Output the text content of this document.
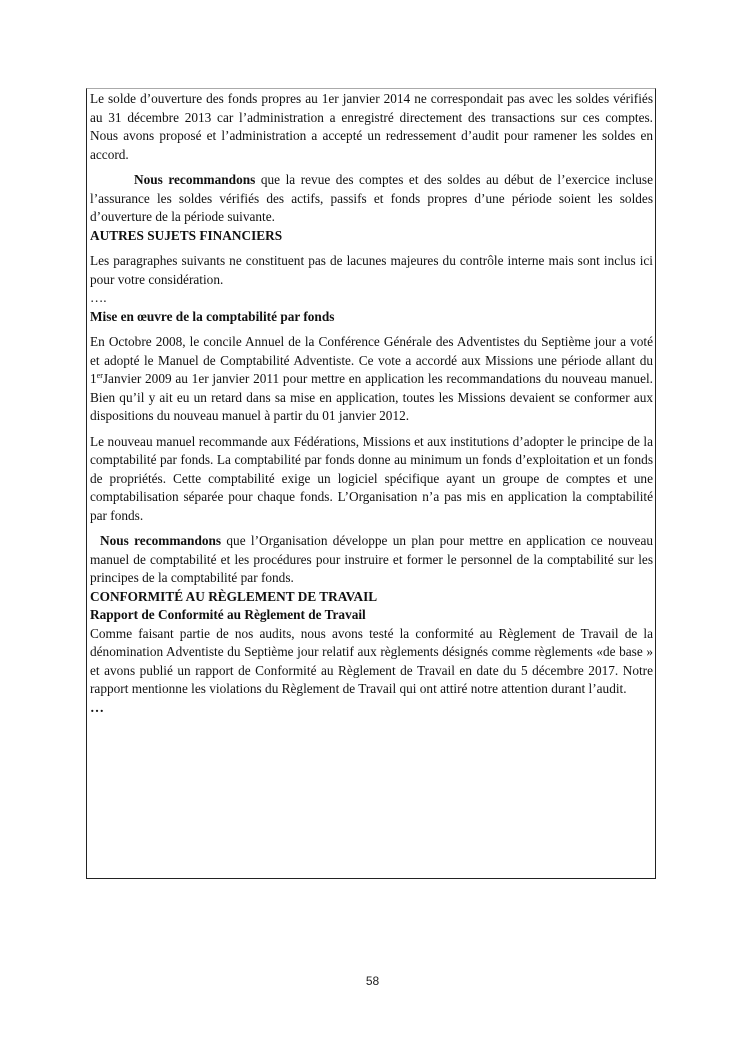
Le solde d’ouverture des fonds propres au 1er janvier 2014 ne correspondait pas avec les soldes vérifiés au 31 décembre 2013 car l’administration a enregistré directement des transactions sur ces comptes. Nous avons proposé et l’administration a accepté un redressement d’audit pour ramener les soldes en accord.

Nous recommandons que la revue des comptes et des soldes au début de l’exercice incluse l’assurance les soldes vérifiés des actifs, passifs et fonds propres d’une période soient les soldes d’ouverture de la période suivante.

AUTRES SUJETS FINANCIERS

Les paragraphes suivants ne constituent pas de lacunes majeures du contrôle interne mais sont inclus ici pour votre considération.

….

Mise en œuvre de la comptabilité par fonds

En Octobre 2008, le concile Annuel de la Conférence Générale des Adventistes du Septième jour a voté et adopté le Manuel de Comptabilité Adventiste. Ce vote a accordé aux Missions une période allant du 1erJanvier 2009 au 1er janvier 2011 pour mettre en application les recommandations du nouveau manuel. Bien qu’il y ait eu un retard dans sa mise en application, toutes les Missions devaient se conformer aux dispositions du nouveau manuel à partir du 01 janvier 2012.

Le nouveau manuel recommande aux Fédérations, Missions et aux institutions d’adopter le principe de la comptabilité par fonds. La comptabilité par fonds donne au minimum un fonds d’exploitation et un fonds de propriétés. Cette comptabilité exige un logiciel spécifique ayant un groupe de comptes et une comptabilisation séparée pour chaque fonds. L’Organisation n’a pas mis en application la comptabilité par fonds.

Nous recommandons que l’Organisation développe un plan pour mettre en application ce nouveau manuel de comptabilité et les procédures pour instruire et former le personnel de la comptabilité sur les principes de la comptabilité par fonds.

CONFORMITÉ AU RÈGLEMENT DE TRAVAIL

Rapport de Conformité au Règlement de Travail

Comme faisant partie de nos audits, nous avons testé la conformité au Règlement de Travail de la dénomination Adventiste du Septième jour relatif aux règlements désignés comme règlements «de base » et avons publié un rapport de Conformité au Règlement de Travail en date du 5 décembre 2017. Notre rapport mentionne les violations du Règlement de Travail qui ont attiré notre attention durant l’audit.

…

58
